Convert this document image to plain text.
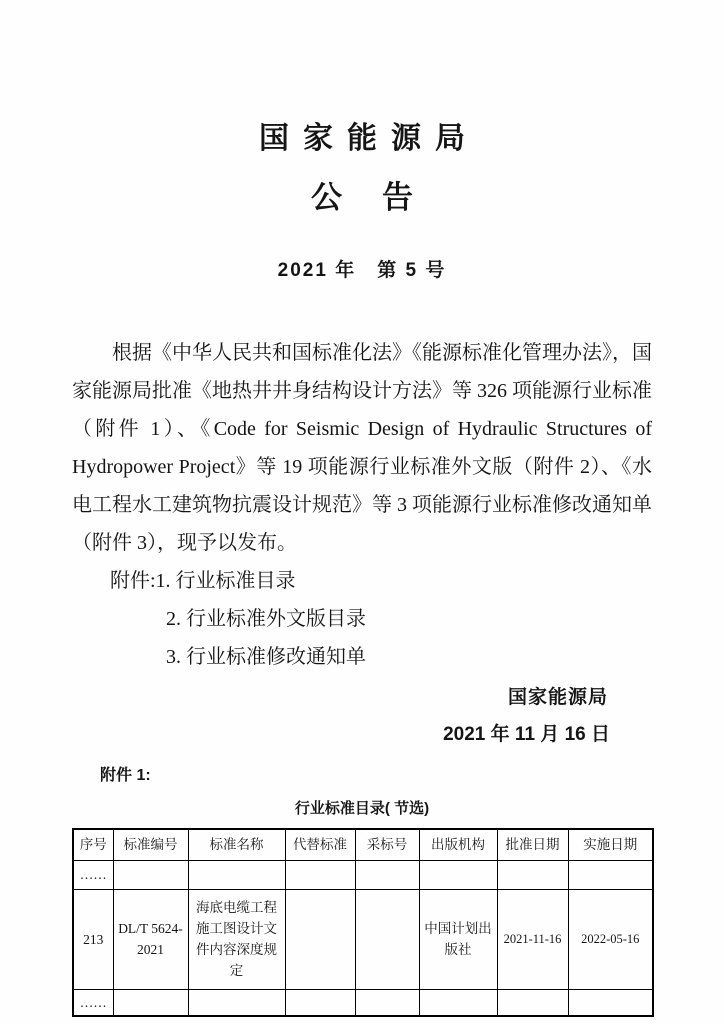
国家能源局
公告
2021 年　第 5 号

根据《中华人民共和国标准化法》《能源标准化管理办法》，国家能源局批准《地热井井身结构设计方法》等 326 项能源行业标准（附件 1）、《Code for Seismic Design of Hydraulic Structures of Hydropower Project》等 19 项能源行业标准外文版（附件 2）、《水电工程水工建筑物抗震设计规范》等 3 项能源行业标准修改通知单（附件 3），现予以发布。

附件:1. 行业标准目录
2. 行业标准外文版目录
3. 行业标准修改通知单
国家能源局
2021 年 11 月 16 日
附件 1:
行业标准目录( 节选)
序号	标准编号	标准名称	代替标准	采标号	出版机构	批准日期	实施日期
……							
213	DL/T 5624-2021	海底电缆工程施工图设计文件内容深度规定			中国计划出版社	2021-11-16	2022-05-16
……							
